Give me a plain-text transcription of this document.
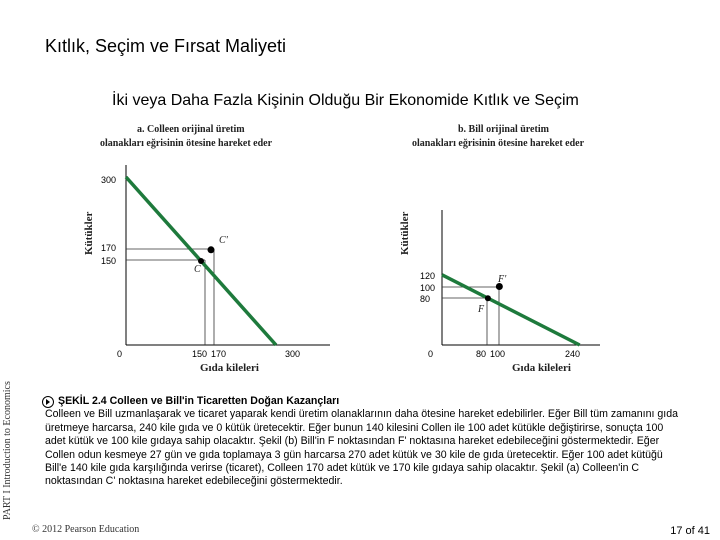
Kıtlık, Seçim ve Fırsat Maliyeti
İki veya Daha Fazla Kişinin Olduğu Bir Ekonomide Kıtlık ve Seçim
PART I Introduction to Economics
a. Colleen orijinal üretim
olanakları eğrisinin ötesine hareket eder
Kütükler
Gıda kileleri
0	150 170	300
300
170
150
C
C'
b. Bill orijinal üretim
olanakları eğrisinin ötesine hareket eder
Kütükler
Gıda kileleri
0	80 100	240
120
100
80
F
F'
ŞEKİL 2.4 Colleen ve Bill'in Ticaretten Doğan Kazançları
Colleen ve Bill uzmanlaşarak ve ticaret yaparak kendi üretim olanaklarının daha ötesine hareket edebilirler. Eğer Bill tüm zamanını gıda üretmeye harcarsa, 240 kile gıda ve 0 kütük üretecektir. Eğer bunun 140 kilesini Collen ile 100 adet kütükle değiştirirse, sonuçta 100 adet kütük ve 100 kile gıdaya sahip olacaktır. Şekil (b) Bill'in F noktasından F' noktasına hareket edebileceğini göstermektedir. Eğer Collen odun kesmeye 27 gün ve gıda toplamaya 3 gün harcarsa 270 adet kütük ve 30 kile de gıda üretecektir. Eğer 100 adet kütüğü Bill'e 140 kile gıda karşılığında verirse (ticaret), Colleen 170 adet kütük ve 170 kile gıdaya sahip olacaktır. Şekil (a) Colleen'in C noktasından C' noktasına hareket edebileceğini göstermektedir.
© 2012 Pearson Education	17 of 41
